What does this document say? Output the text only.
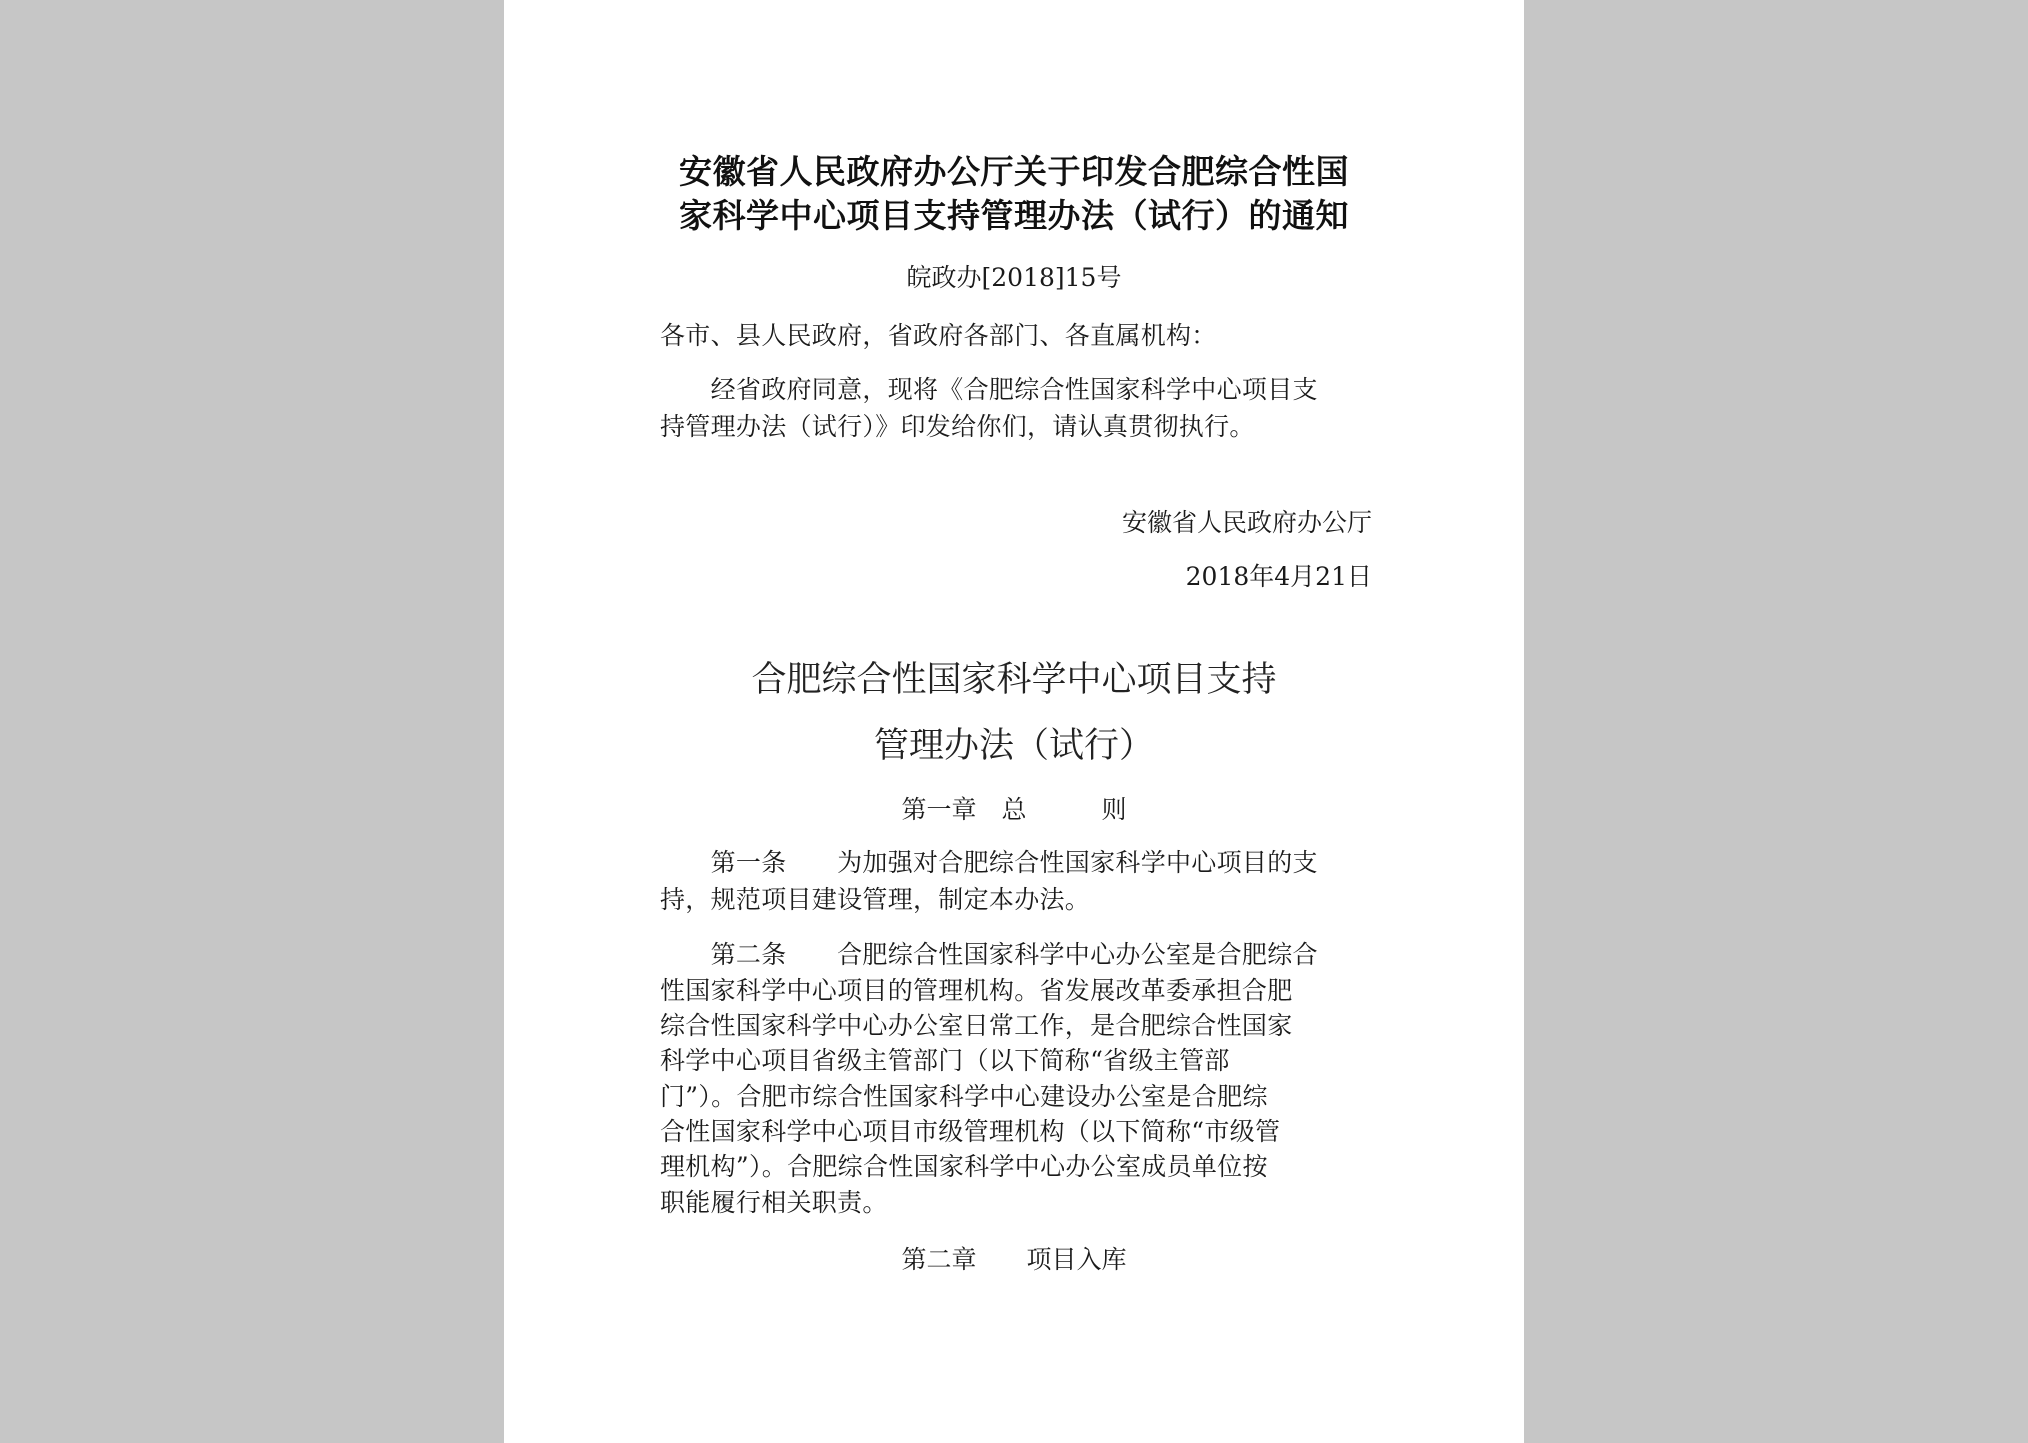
安徽省人民政府办公厅关于印发合肥综合性国

家科学中心项目支持管理办法（试行）的通知

皖政办[2018]15号

各市、县人民政府，省政府各部门、各直属机构：

　　经省政府同意，现将《合肥综合性国家科学中心项目支

持管理办法（试行）》印发给你们，请认真贯彻执行。

安徽省人民政府办公厅

2018年4月21日

合肥综合性国家科学中心项目支持

管理办法（试行）

第一章　总　　　则

　　第一条　　为加强对合肥综合性国家科学中心项目的支

持，规范项目建设管理，制定本办法。

　　第二条　　合肥综合性国家科学中心办公室是合肥综合

性国家科学中心项目的管理机构。省发展改革委承担合肥

综合性国家科学中心办公室日常工作，是合肥综合性国家

科学中心项目省级主管部门（以下简称“省级主管部

门”）。合肥市综合性国家科学中心建设办公室是合肥综

合性国家科学中心项目市级管理机构（以下简称“市级管

理机构”）。合肥综合性国家科学中心办公室成员单位按

职能履行相关职责。

第二章　　项目入库
